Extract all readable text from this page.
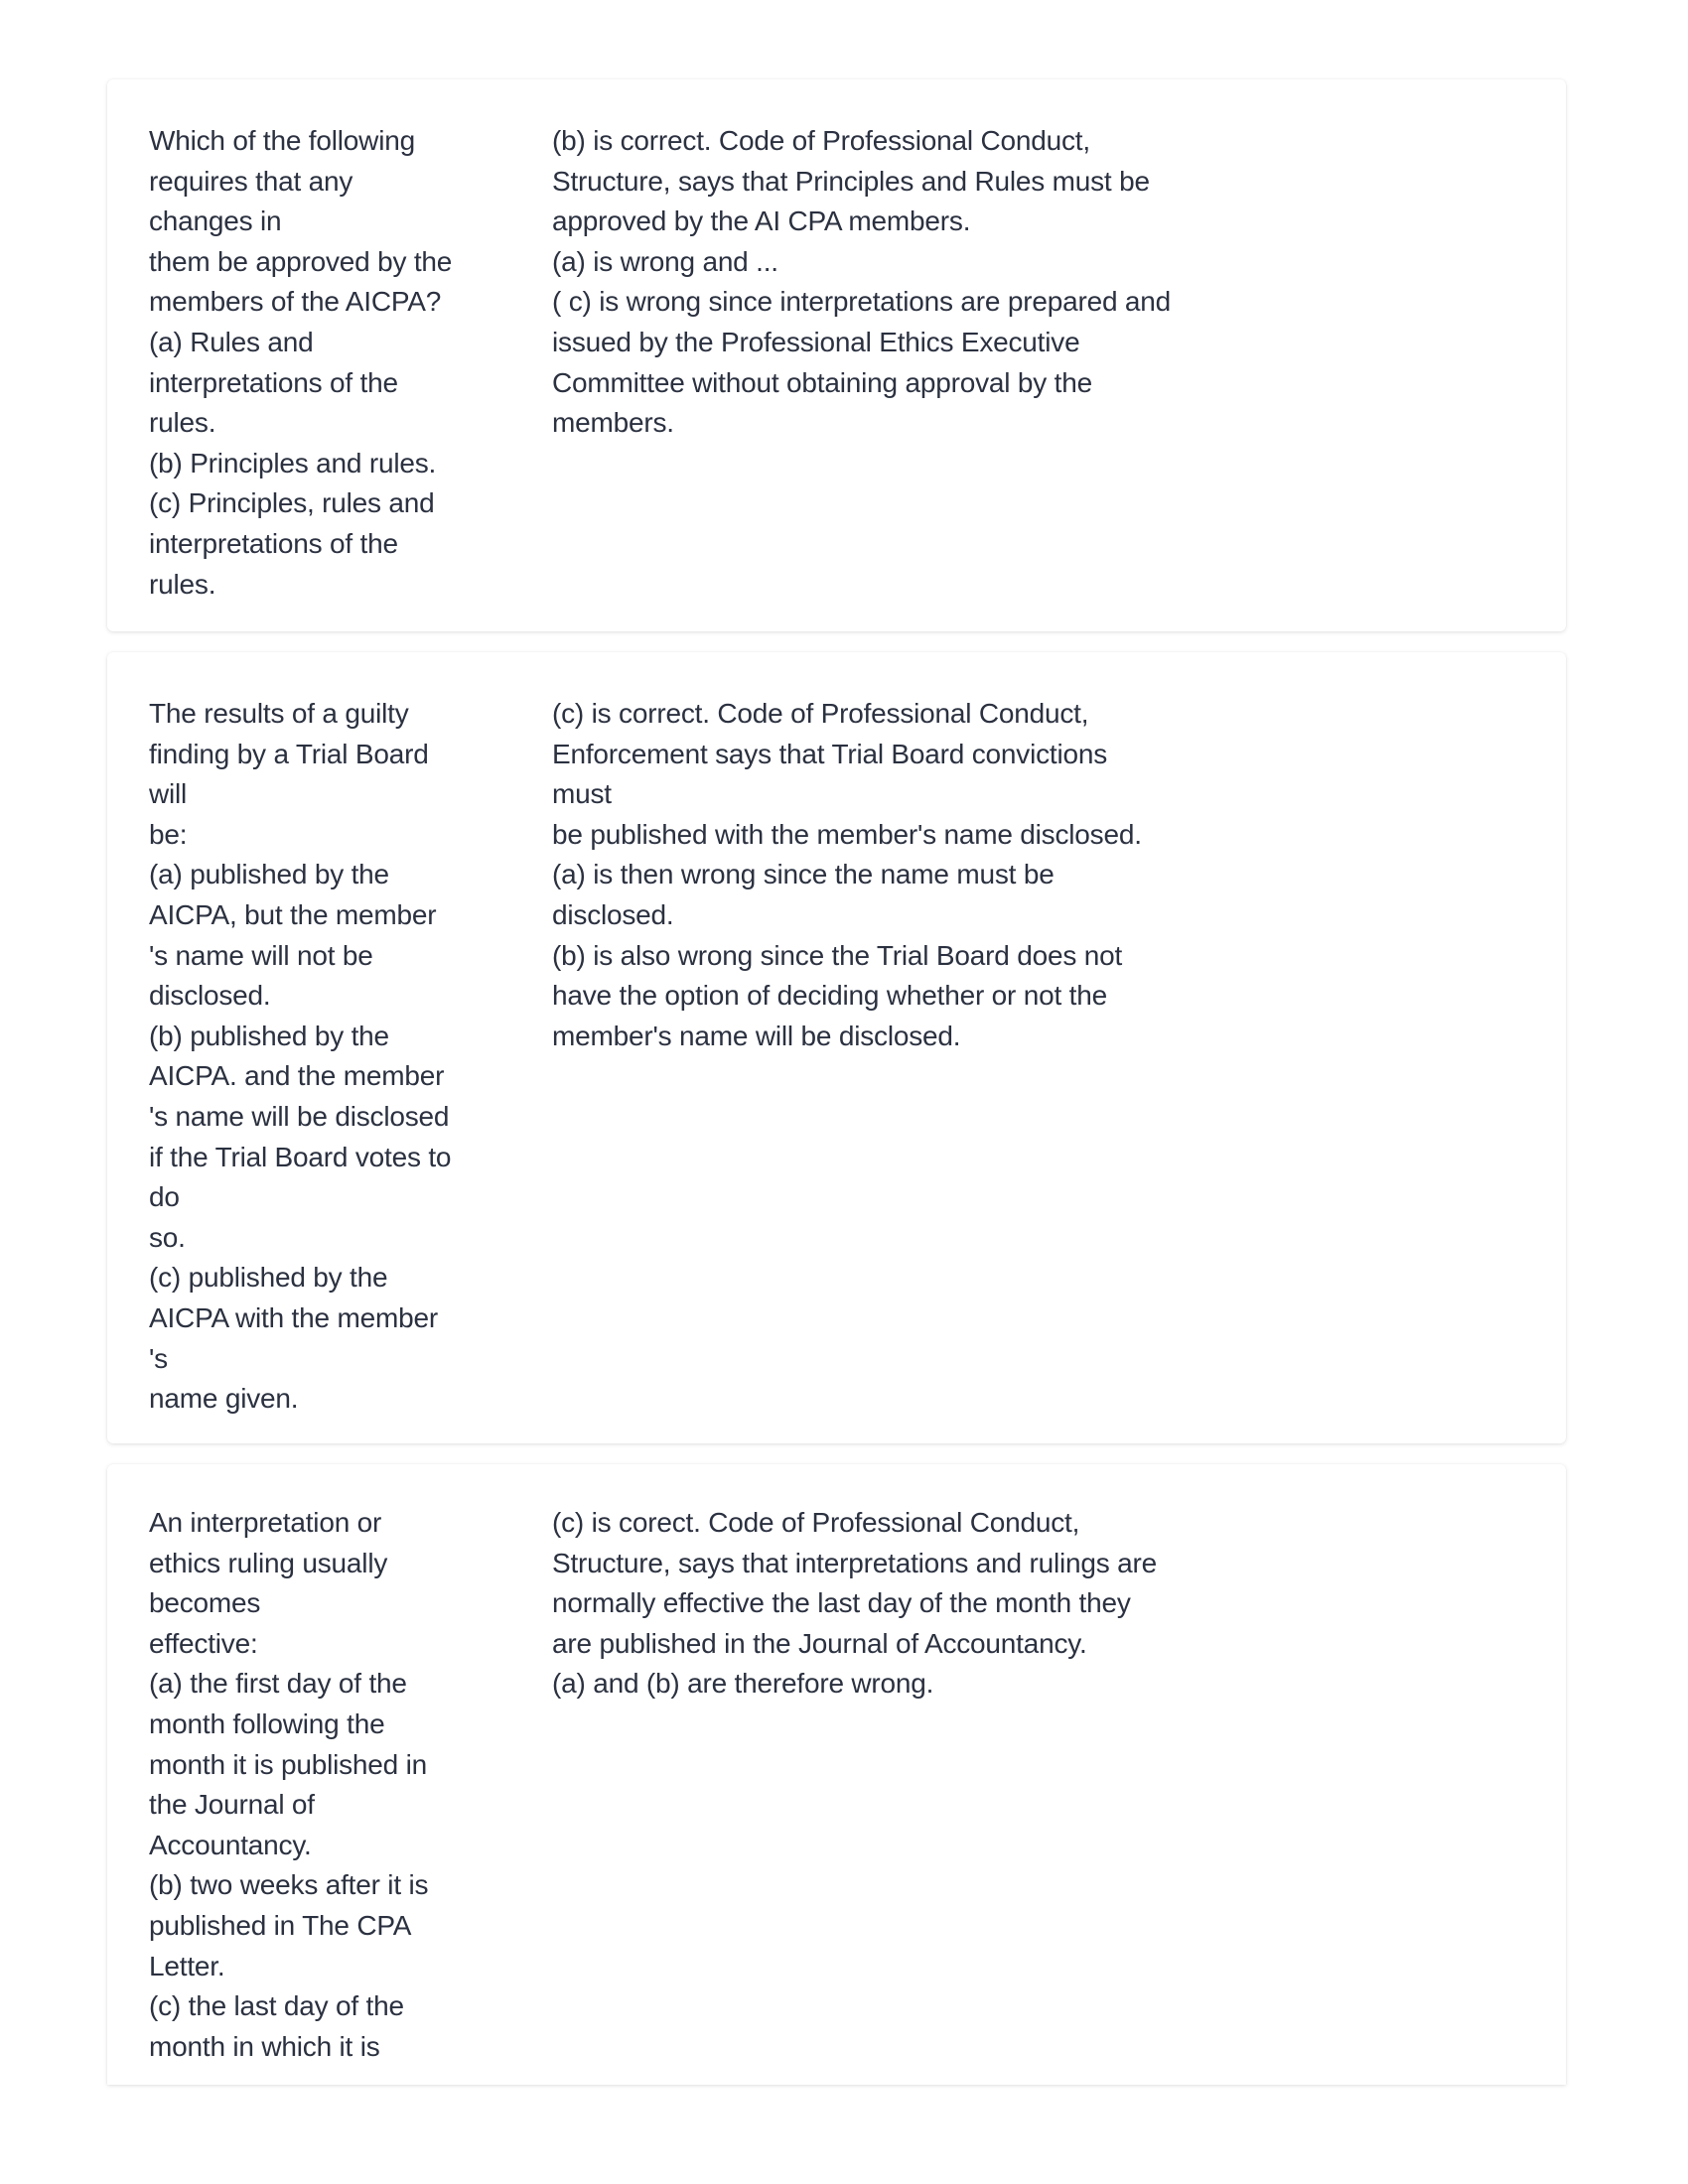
Which of the following
requires that any
changes in
them be approved by the
members of the AICPA?
(a) Rules and
interpretations of the
rules.
(b) Principles and rules.
(c) Principles, rules and
interpretations of the
rules.
(b) is correct. Code of Professional Conduct,
Structure, says that Principles and Rules must be
approved by the AI CPA members.
(a) is wrong and ...
( c) is wrong since interpretations are prepared and
issued by the Professional Ethics Executive
Committee without obtaining approval by the
members.
The results of a guilty
finding by a Trial Board
will
be:
(a) published by the
AICPA, but the member
's name will not be
disclosed.
(b) published by the
AICPA. and the member
's name will be disclosed
if the Trial Board votes to
do
so.
(c) published by the
AICPA with the member
's
name given.
(c) is correct. Code of Professional Conduct,
Enforcement says that Trial Board convictions
must
be published with the member's name disclosed.
(a) is then wrong since the name must be
disclosed.
(b) is also wrong since the Trial Board does not
have the option of deciding whether or not the
member's name will be disclosed.
An interpretation or
ethics ruling usually
becomes
effective:
(a) the first day of the
month following the
month it is published in
the Journal of
Accountancy.
(b) two weeks after it is
published in The CPA
Letter.
(c) the last day of the
month in which it is
(c) is corect. Code of Professional Conduct,
Structure, says that interpretations and rulings are
normally effective the last day of the month they
are published in the Journal of Accountancy.
(a) and (b) are therefore wrong.
